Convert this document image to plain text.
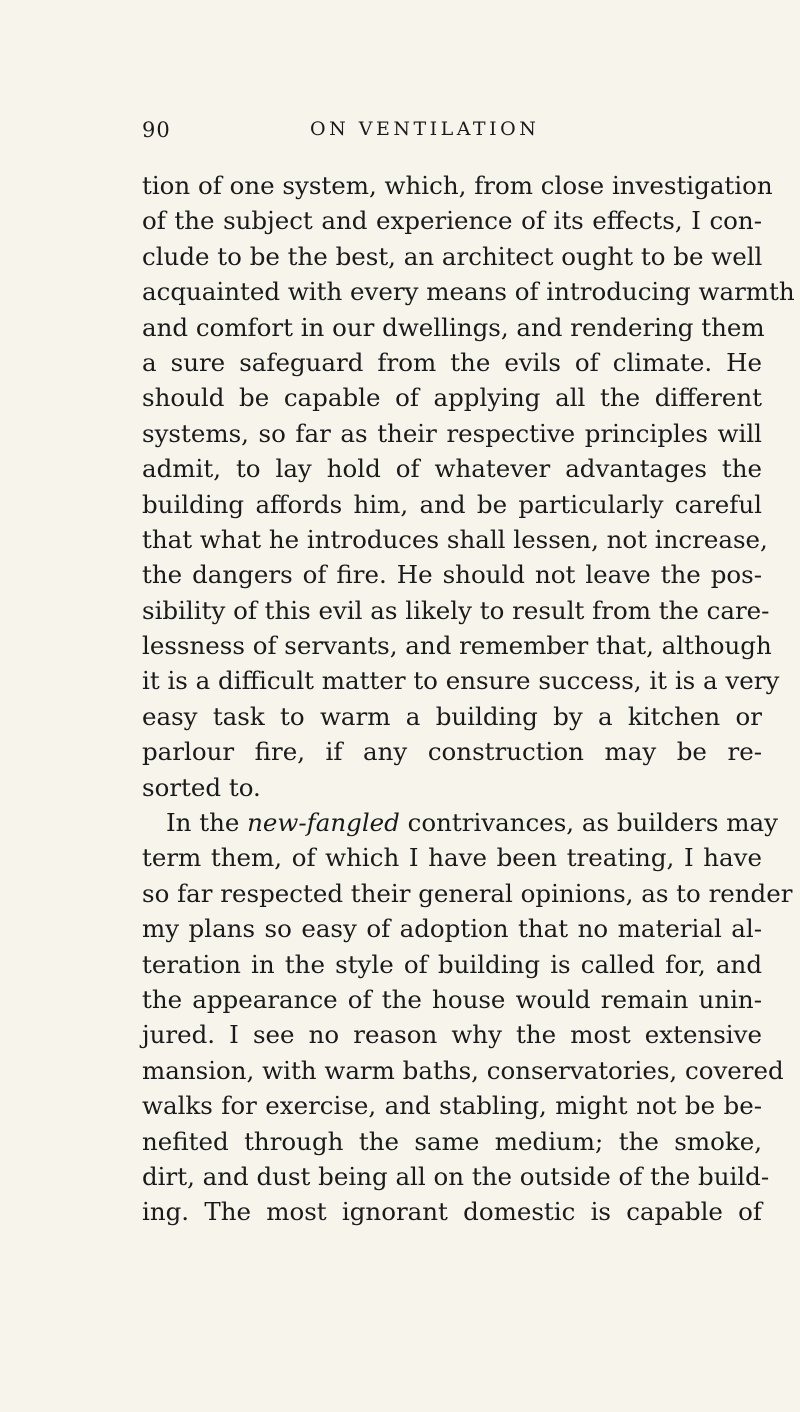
90	ON VENTILATION
tion of one system, which, from close investigation
of the subject and experience of its effects, I con-
clude to be the best, an architect ought to be well
acquainted with every means of introducing warmth
and comfort in our dwellings, and rendering them
a sure safeguard from the evils of climate. He
should be capable of applying all the different
systems, so far as their respective principles will
admit, to lay hold of whatever advantages the
building affords him, and be particularly careful
that what he introduces shall lessen, not increase,
the dangers of fire. He should not leave the pos-
sibility of this evil as likely to result from the care-
lessness of servants, and remember that, although
it is a difficult matter to ensure success, it is a very
easy task to warm a building by a kitchen or
parlour fire, if any construction may be re-
sorted to.
In the new-fangled contrivances, as builders may
term them, of which I have been treating, I have
so far respected their general opinions, as to render
my plans so easy of adoption that no material al-
teration in the style of building is called for, and
the appearance of the house would remain unin-
jured. I see no reason why the most extensive
mansion, with warm baths, conservatories, covered
walks for exercise, and stabling, might not be be-
nefited through the same medium; the smoke,
dirt, and dust being all on the outside of the build-
ing. The most ignorant domestic is capable of
